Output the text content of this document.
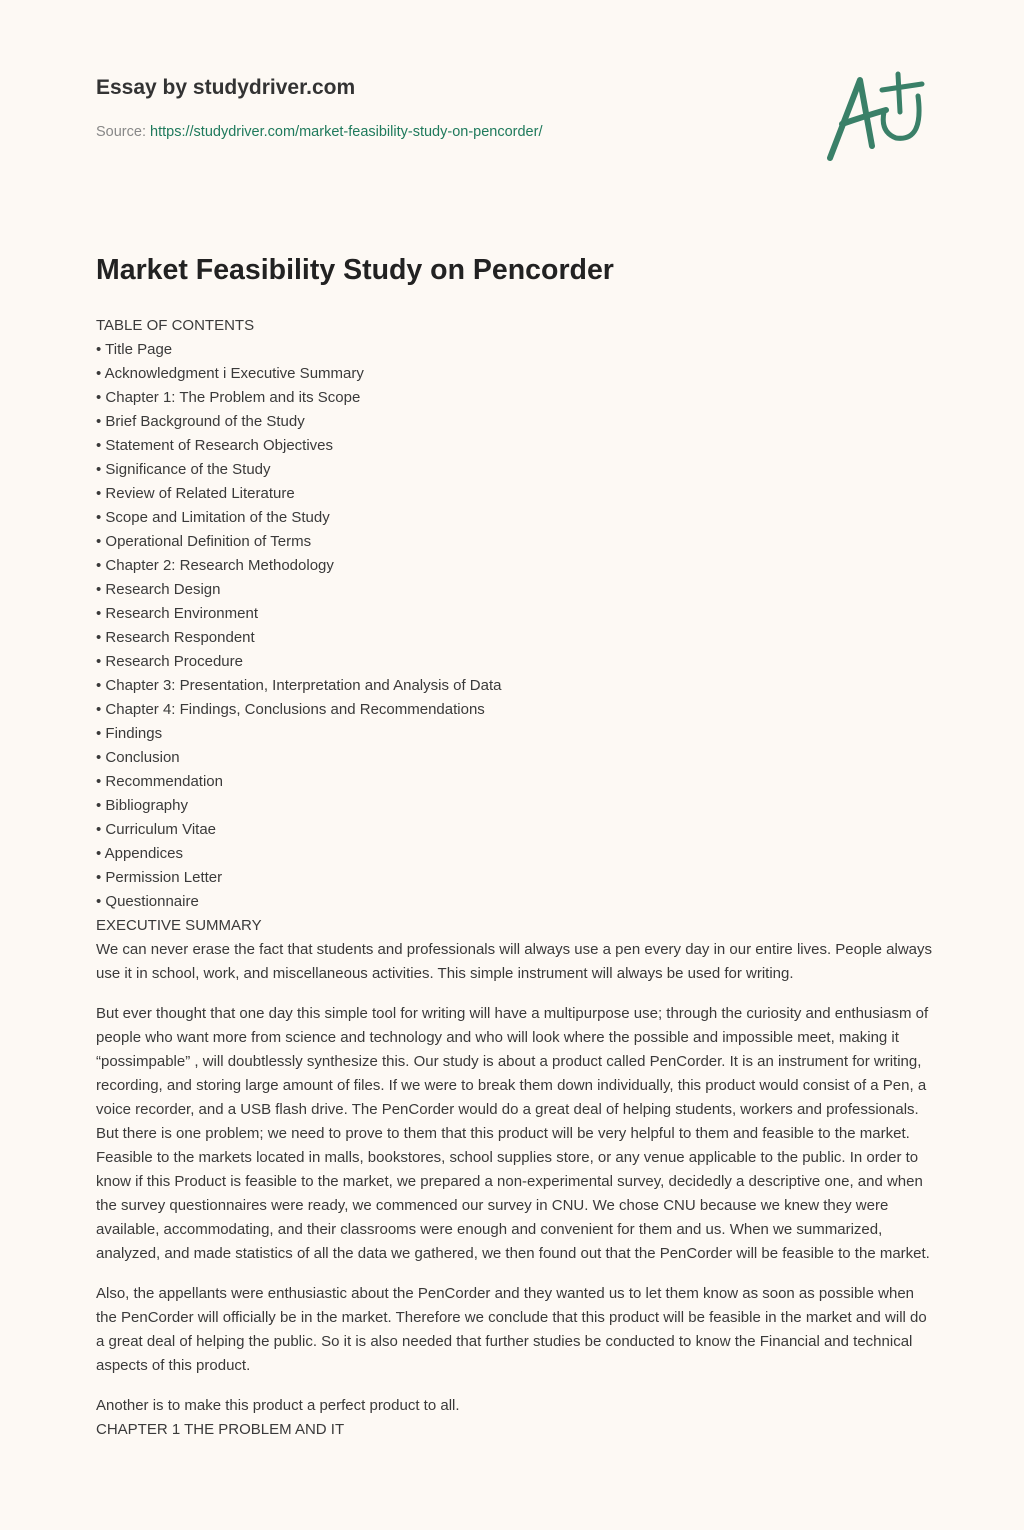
Essay by studydriver.com
Source: https://studydriver.com/market-feasibility-study-on-pencorder/
Market Feasibility Study on Pencorder
TABLE OF CONTENTS
• Title Page
• Acknowledgment i Executive Summary
• Chapter 1: The Problem and its Scope
• Brief Background of the Study
• Statement of Research Objectives
• Significance of the Study
• Review of Related Literature
• Scope and Limitation of the Study
• Operational Definition of Terms
• Chapter 2: Research Methodology
• Research Design
• Research Environment
• Research Respondent
• Research Procedure
• Chapter 3: Presentation, Interpretation and Analysis of Data
• Chapter 4: Findings, Conclusions and Recommendations
• Findings
• Conclusion
• Recommendation
• Bibliography
• Curriculum Vitae
• Appendices
• Permission Letter
• Questionnaire
EXECUTIVE SUMMARY

We can never erase the fact that students and professionals will always use a pen every day in our entire lives. People always use it in school, work, and miscellaneous activities. This simple instrument will always be used for writing.

But ever thought that one day this simple tool for writing will have a multipurpose use; through the curiosity and enthusiasm of people who want more from science and technology and who will look where the possible and impossible meet, making it “possimpable” , will doubtlessly synthesize this. Our study is about a product called PenCorder. It is an instrument for writing, recording, and storing large amount of files. If we were to break them down individually, this product would consist of a Pen, a voice recorder, and a USB flash drive. The PenCorder would do a great deal of helping students, workers and professionals. But there is one problem; we need to prove to them that this product will be very helpful to them and feasible to the market. Feasible to the markets located in malls, bookstores, school supplies store, or any venue applicable to the public. In order to know if this Product is feasible to the market, we prepared a non-experimental survey, decidedly a descriptive one, and when the survey questionnaires were ready, we commenced our survey in CNU. We chose CNU because we knew they were available, accommodating, and their classrooms were enough and convenient for them and us. When we summarized, analyzed, and made statistics of all the data we gathered, we then found out that the PenCorder will be feasible to the market.

Also, the appellants were enthusiastic about the PenCorder and they wanted us to let them know as soon as possible when the PenCorder will officially be in the market. Therefore we conclude that this product will be feasible in the market and will do a great deal of helping the public. So it is also needed that further studies be conducted to know the Financial and technical aspects of this product.

Another is to make this product a perfect product to all.
CHAPTER 1 THE PROBLEM AND IT
